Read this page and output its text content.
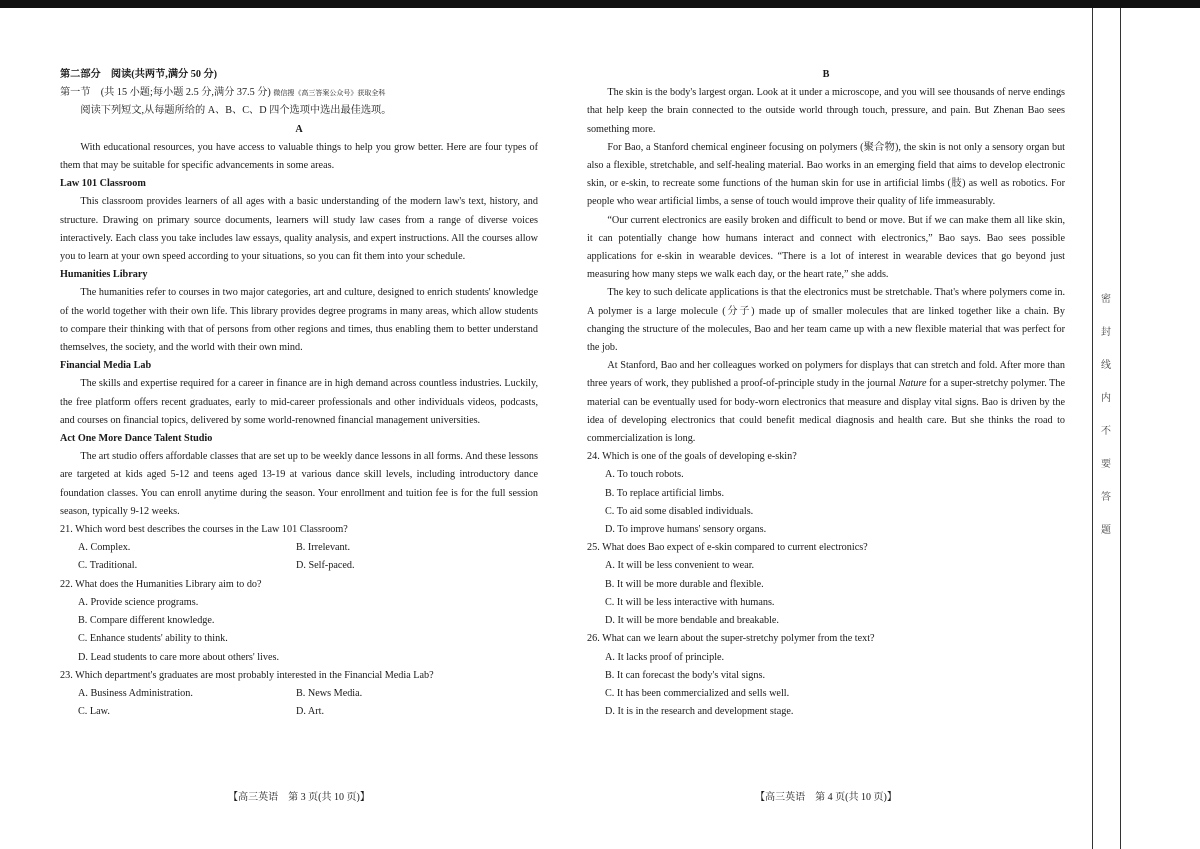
第二部分　阅读(共两节,满分 50 分)

第一节　(共 15 小题;每小题 2.5 分,满分 37.5 分) 微信搜《高三答案公众号》获取全科

阅读下列短文,从每题所给的 A、B、C、D 四个选项中选出最佳选项。

A

With educational resources, you have access to valuable things to help you grow better. Here are four types of them that may be suitable for specific advancements in some areas.

Law 101 Classroom

This classroom provides learners of all ages with a basic understanding of the modern law's text, history, and structure. Drawing on primary source documents, learners will study law cases from a range of diverse voices interactively. Each class you take includes law essays, quality analysis, and expert instructions. All the courses allow you to learn at your own speed according to your situations, so you can fit them into your schedule.

Humanities Library

The humanities refer to courses in two major categories, art and culture, designed to enrich students' knowledge of the world together with their own life. This library provides degree programs in many areas, which allow students to compare their thinking with that of persons from other regions and times, thus enabling them to better understand themselves, the society, and the world with their own mind.

Financial Media Lab

The skills and expertise required for a career in finance are in high demand across countless industries. Luckily, the free platform offers recent graduates, early to mid-career professionals and other individuals videos, podcasts, and courses on financial topics, delivered by some world-renowned financial management universities.

Act One More Dance Talent Studio

The art studio offers affordable classes that are set up to be weekly dance lessons in all forms. And these lessons are targeted at kids aged 5-12 and teens aged 13-19 at various dance skill levels, including introductory dance foundation classes. You can enroll anytime during the season. Your enrollment and tuition fee is for the full session season, typically 9-12 weeks.

21. Which word best describes the courses in the Law 101 Classroom?

A. Complex.	B. Irrelevant.
C. Traditional.	D. Self-paced.

22. What does the Humanities Library aim to do?

A. Provide science programs.

B. Compare different knowledge.

C. Enhance students' ability to think.

D. Lead students to care more about others' lives.

23. Which department's graduates are most probably interested in the Financial Media Lab?

A. Business Administration.	B. News Media.
C. Law.	D. Art.
【高三英语　第 3 页(共 10 页)】

B

The skin is the body's largest organ. Look at it under a microscope, and you will see thousands of nerve endings that help keep the brain connected to the outside world through touch, pressure, and pain. But Zhenan Bao sees something more.

For Bao, a Stanford chemical engineer focusing on polymers (聚合物), the skin is not only a sensory organ but also a flexible, stretchable, and self-healing material. Bao works in an emerging field that aims to develop electronic skin, or e-skin, to recreate some functions of the human skin for use in artificial limbs (肢) as well as robotics. For people who wear artificial limbs, a sense of touch would improve their quality of life immeasurably.

“Our current electronics are easily broken and difficult to bend or move. But if we can make them all like skin, it can potentially change how humans interact and connect with electronics,” Bao says. Bao sees possible applications for e-skin in wearable devices. “There is a lot of interest in wearable devices that go beyond just measuring how many steps we walk each day, or the heart rate,” she adds.

The key to such delicate applications is that the electronics must be stretchable. That's where polymers come in. A polymer is a large molecule (分子) made up of smaller molecules that are linked together like a chain. By changing the structure of the molecules, Bao and her team came up with a new flexible material that was perfect for the job.

At Stanford, Bao and her colleagues worked on polymers for displays that can stretch and fold. After more than three years of work, they published a proof-of-principle study in the journal Nature for a super-stretchy polymer. The material can be eventually used for body-worn electronics that measure and display vital signs. Bao is driven by the idea of developing electronics that could benefit medical diagnosis and health care. But she thinks the road to commercialization is long.

24. Which is one of the goals of developing e-skin?

A. To touch robots.

B. To replace artificial limbs.

C. To aid some disabled individuals.

D. To improve humans' sensory organs.

25. What does Bao expect of e-skin compared to current electronics?

A. It will be less convenient to wear.

B. It will be more durable and flexible.

C. It will be less interactive with humans.

D. It will be more bendable and breakable.

26. What can we learn about the super-stretchy polymer from the text?

A. It lacks proof of principle.

B. It can forecast the body's vital signs.

C. It has been commercialized and sells well.

D. It is in the research and development stage.

【高三英语　第 4 页(共 10 页)】
密
封
线
内
不
要
答
题
